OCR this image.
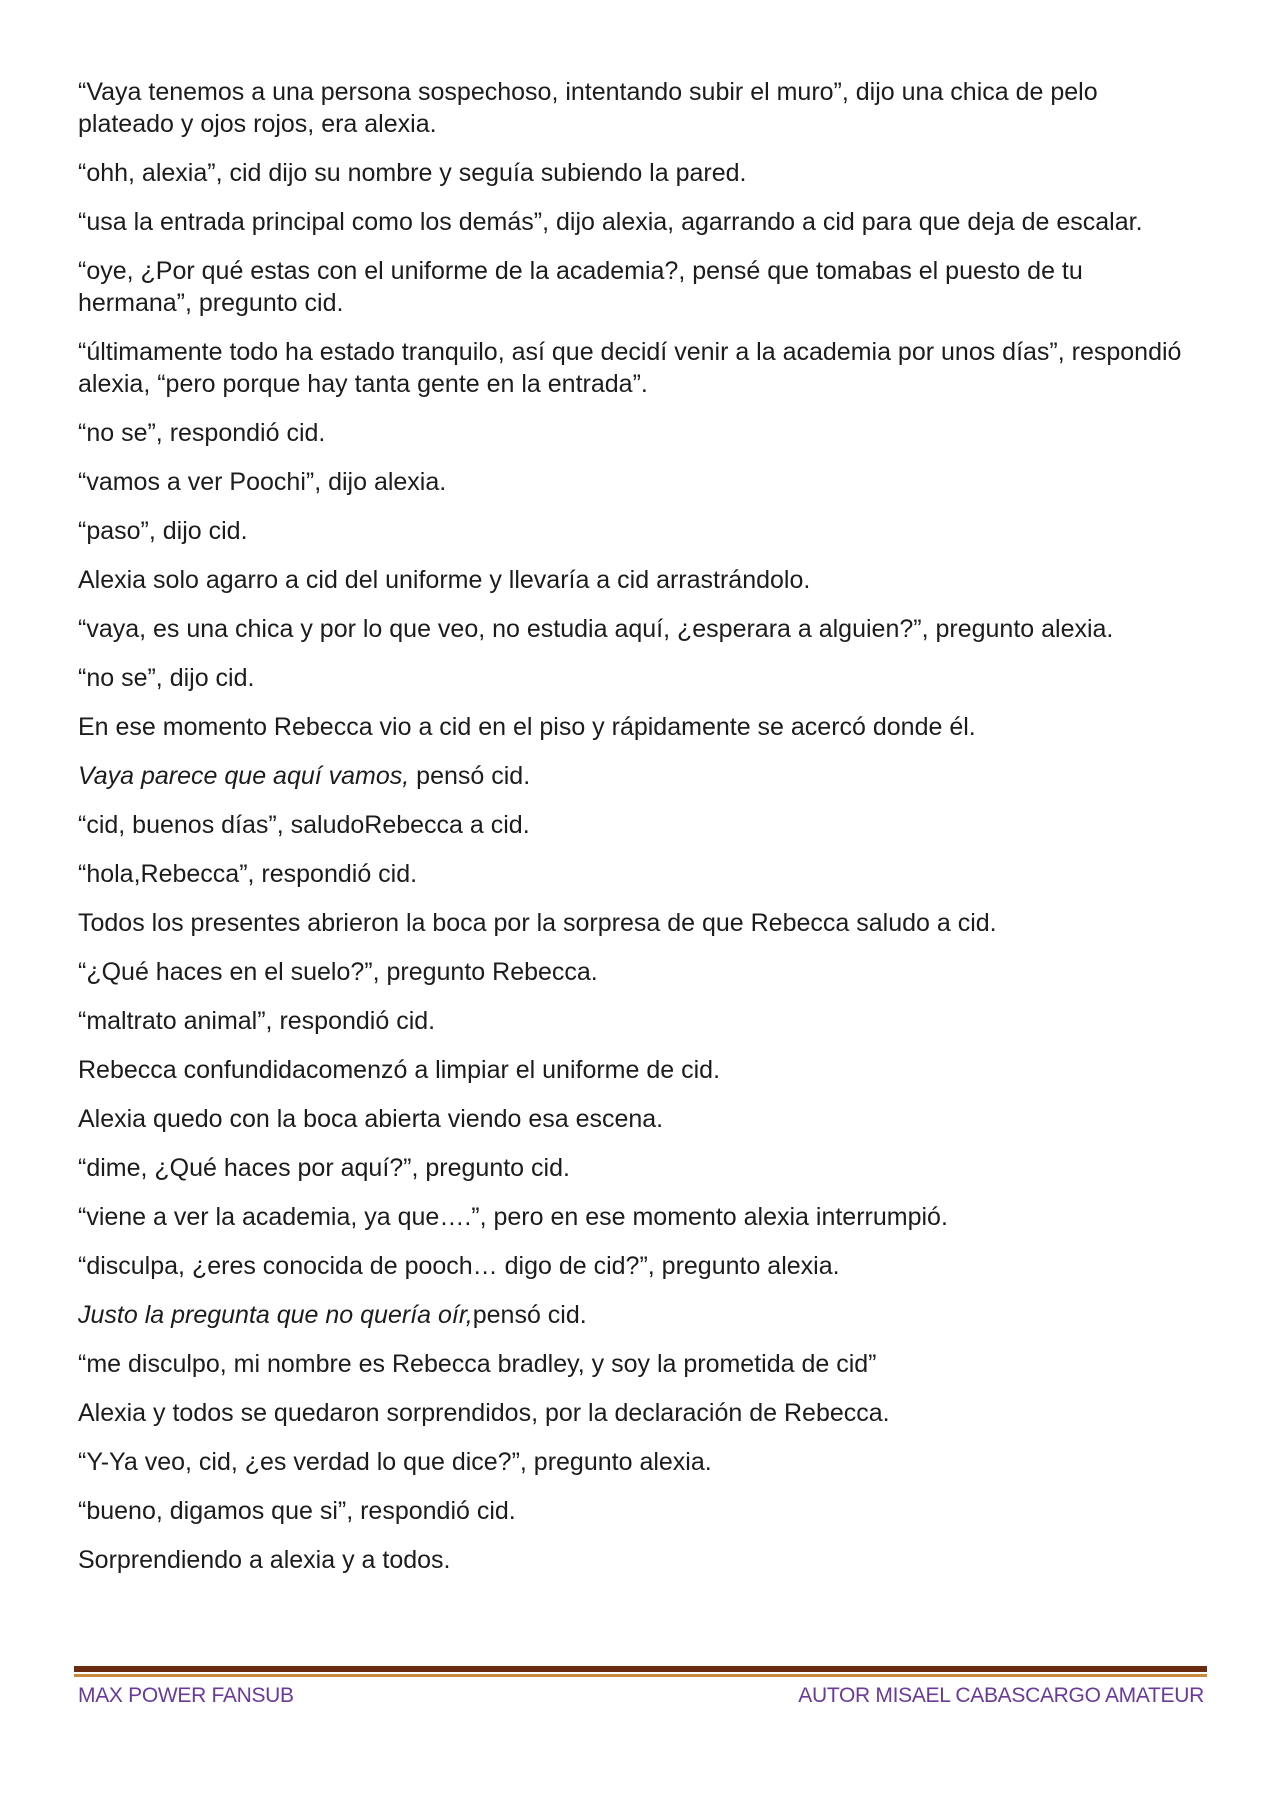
“Vaya tenemos a una persona sospechoso, intentando subir el muro”, dijo una chica de pelo plateado y ojos rojos, era alexia.

“ohh, alexia”, cid dijo su nombre y seguía subiendo la pared.

“usa la entrada principal como los demás”, dijo alexia, agarrando a cid para que deja de escalar.

“oye, ¿Por qué estas con el uniforme de la academia?, pensé que tomabas el puesto de tu hermana”, pregunto cid.

“últimamente todo ha estado tranquilo, así que decidí venir a la academia por unos días”, respondió alexia, “pero porque hay tanta gente en la entrada”.

“no se”, respondió cid.

“vamos a ver Poochi”, dijo alexia.

“paso”, dijo cid.

Alexia solo agarro a cid del uniforme y llevaría a cid arrastrándolo.

“vaya, es una chica y por lo que veo, no estudia aquí, ¿esperara a alguien?”, pregunto alexia.

“no se”, dijo cid.

En ese momento Rebecca vio a cid en el piso y rápidamente se acercó donde él.

Vaya parece que aquí vamos, pensó cid.

“cid, buenos días”, saludoRebecca a cid.

“hola,Rebecca”, respondió cid.

Todos los presentes abrieron la boca por la sorpresa de que Rebecca saludo a cid.

“¿Qué haces en el suelo?”, pregunto Rebecca.

“maltrato animal”, respondió cid.

Rebecca confundidacomenzó a limpiar el uniforme de cid.

Alexia quedo con la boca abierta viendo esa escena.

“dime, ¿Qué haces por aquí?”, pregunto cid.

“viene a ver la academia, ya que….”, pero en ese momento alexia interrumpió.

“disculpa, ¿eres conocida de pooch… digo de cid?”, pregunto alexia.

Justo la pregunta que no quería oír,pensó cid.

“me disculpo, mi nombre es Rebecca bradley, y soy la prometida de cid”

Alexia y todos se quedaron sorprendidos, por la declaración de Rebecca.

“Y-Ya veo, cid, ¿es verdad lo que dice?”, pregunto alexia.

“bueno, digamos que si”, respondió cid.

Sorprendiendo a alexia y a todos.

MAX POWER FANSUB	AUTOR MISAEL CABASCARGO AMATEUR
